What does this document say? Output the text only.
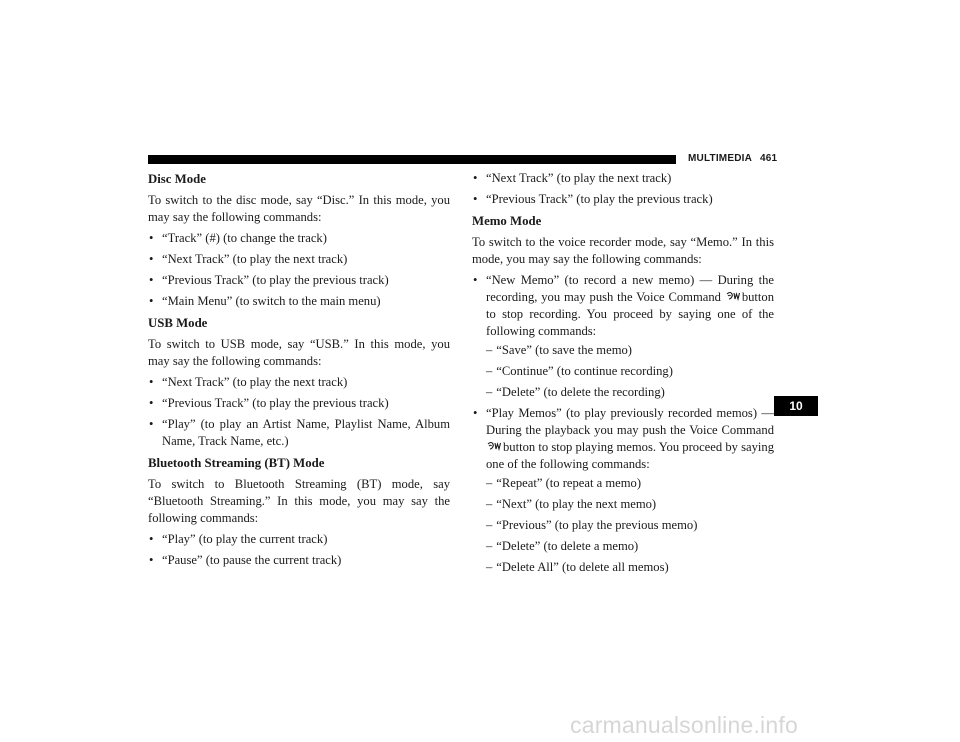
MULTIMEDIA 461
Disc Mode
To switch to the disc mode, say “Disc.” In this mode, you may say the following commands:
• “Track” (#) (to change the track)
• “Next Track” (to play the next track)
• “Previous Track” (to play the previous track)
• “Main Menu” (to switch to the main menu)
USB Mode
To switch to USB mode, say “USB.” In this mode, you may say the following commands:
• “Next Track” (to play the next track)
• “Previous Track” (to play the previous track)
• “Play” (to play an Artist Name, Playlist Name, Album Name, Track Name, etc.)
Bluetooth Streaming (BT) Mode
To switch to Bluetooth Streaming (BT) mode, say “Bluetooth Streaming.” In this mode, you may say the following commands:
• “Play” (to play the current track)
• “Pause” (to pause the current track)
• “Next Track” (to play the next track)
• “Previous Track” (to play the previous track)
Memo Mode
To switch to the voice recorder mode, say “Memo.” In this mode, you may say the following commands:
• “New Memo” (to record a new memo) — During the recording, you may push the Voice Command button to stop recording. You proceed by saying one of the following commands:
– “Save” (to save the memo)
– “Continue” (to continue recording)
– “Delete” (to delete the recording)
• “Play Memos” (to play previously recorded memos) — During the playback you may push the Voice Command button to stop playing memos. You proceed by saying one of the following commands:
– “Repeat” (to repeat a memo)
– “Next” (to play the next memo)
– “Previous” (to play the previous memo)
– “Delete” (to delete a memo)
– “Delete All” (to delete all memos)
10
carmanualsonline.info
